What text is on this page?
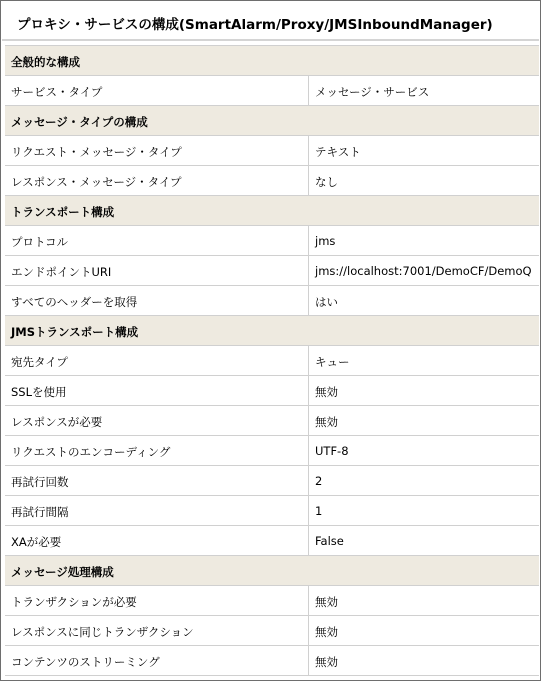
プロキシ・サービスの構成(SmartAlarm/Proxy/JMSInboundManager)
全般的な構成
サービス・タイプ	メッセージ・サービス
メッセージ・タイプの構成
リクエスト・メッセージ・タイプ	テキスト
レスポンス・メッセージ・タイプ	なし
トランスポート構成
プロトコル	jms
エンドポイントURI	jms://localhost:7001/DemoCF/DemoQ
すべてのヘッダーを取得	はい
JMSトランスポート構成
宛先タイプ	キュー
SSLを使用	無効
レスポンスが必要	無効
リクエストのエンコーディング	UTF-8
再試行回数	2
再試行間隔	1
XAが必要	False
メッセージ処理構成
トランザクションが必要	無効
レスポンスに同じトランザクション	無効
コンテンツのストリーミング	無効
